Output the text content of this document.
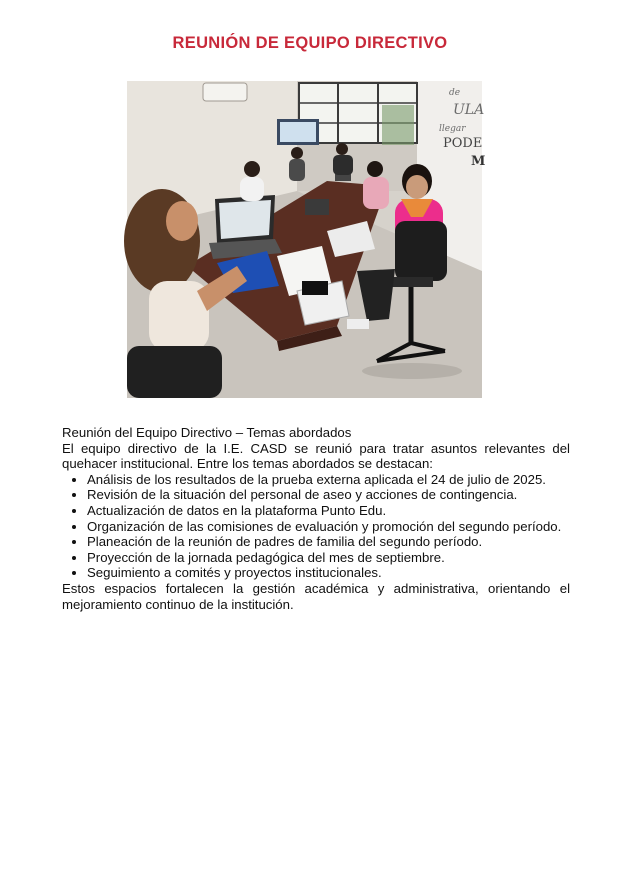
REUNIÓN DE EQUIPO DIRECTIVO
de
ULA
llegar
PODE
M

Reunión del Equipo Directivo – Temas abordados

El equipo directivo de la I.E. CASD se reunió para tratar asuntos relevantes del quehacer institucional. Entre los temas abordados se destacan:

• Análisis de los resultados de la prueba externa aplicada el 24 de julio de 2025.
• Revisión de la situación del personal de aseo y acciones de contingencia.
• Actualización de datos en la plataforma Punto Edu.
• Organización de las comisiones de evaluación y promoción del segundo período.
• Planeación de la reunión de padres de familia del segundo período.
• Proyección de la jornada pedagógica del mes de septiembre.
• Seguimiento a comités y proyectos institucionales.

Estos espacios fortalecen la gestión académica y administrativa, orientando el mejoramiento continuo de la institución.
